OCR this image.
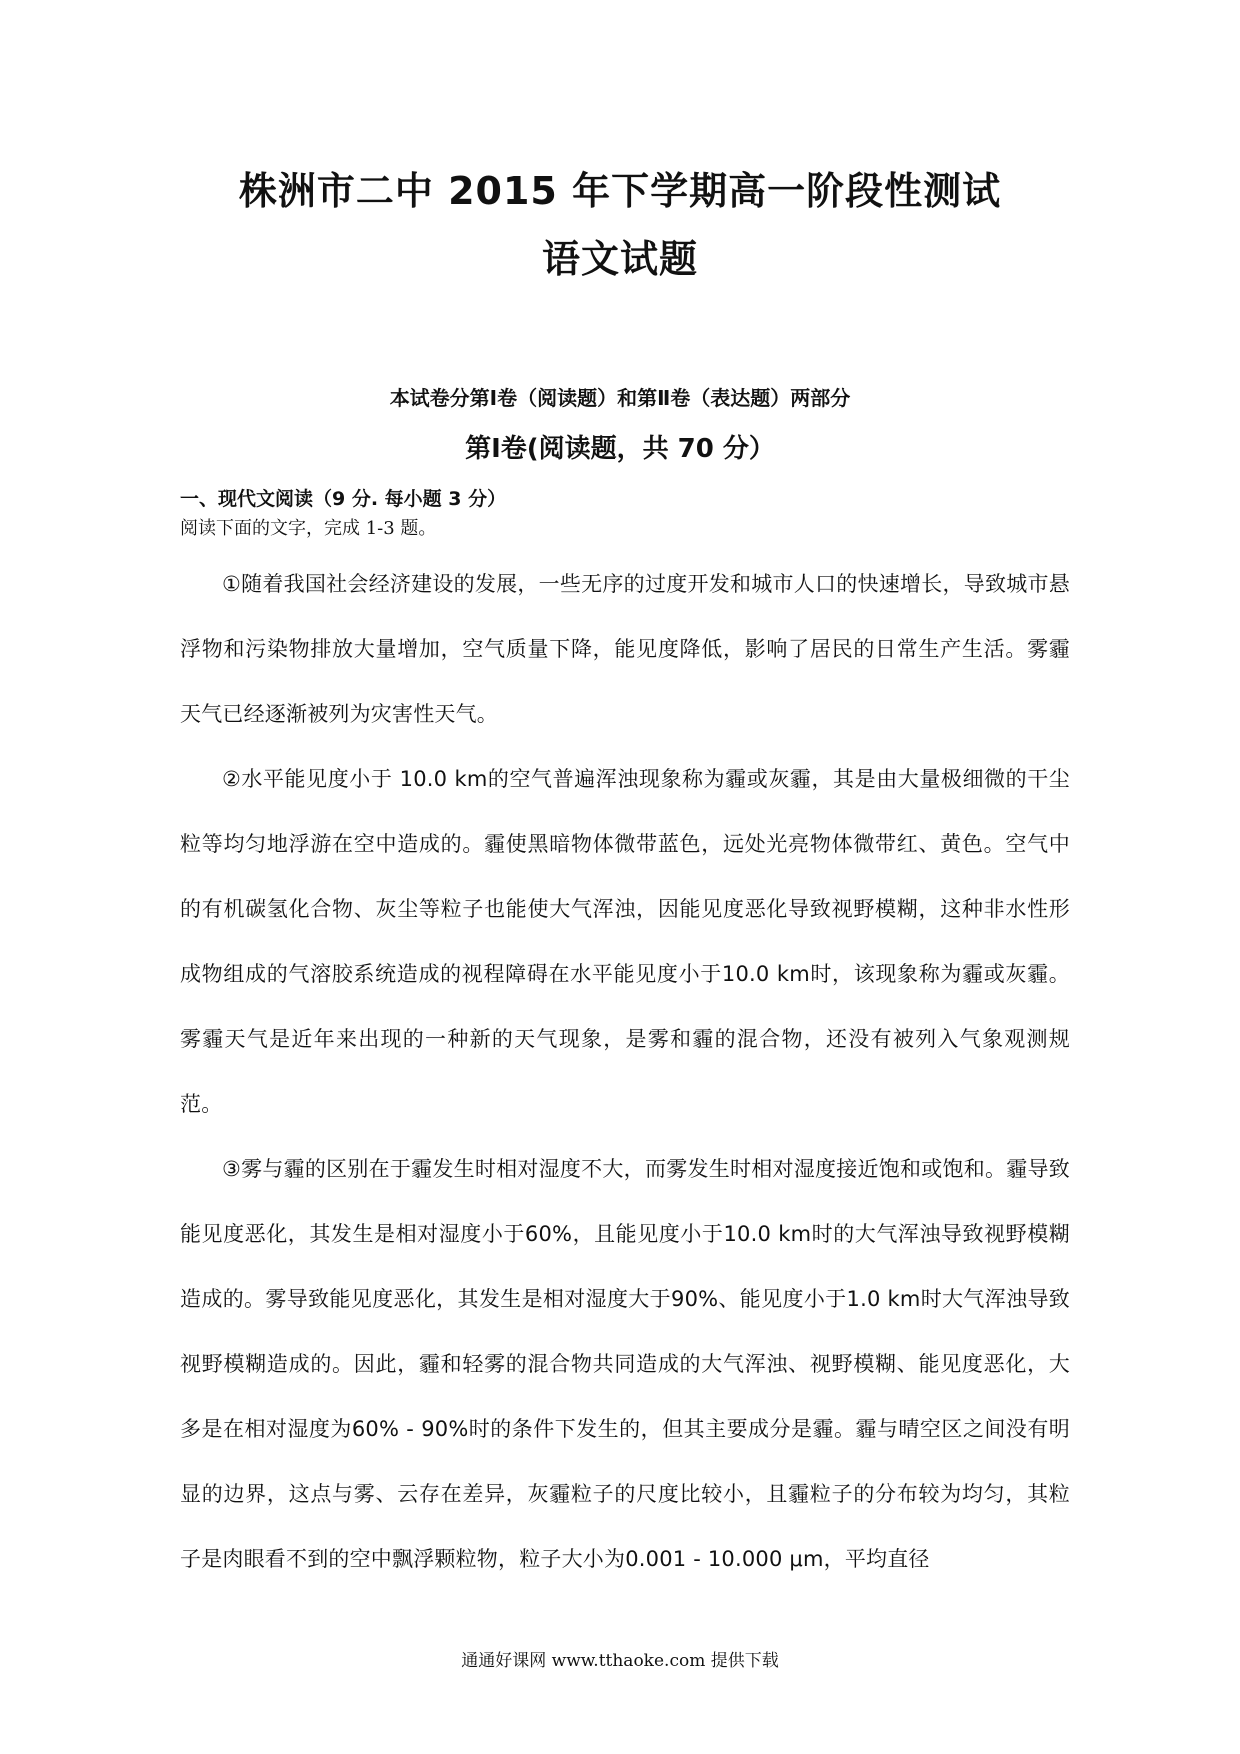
株洲市二中 2015 年下学期高一阶段性测试
语文试题
本试卷分第Ⅰ卷（阅读题）和第Ⅱ卷（表达题）两部分
第Ⅰ卷(阅读题，共 70 分）
一、现代文阅读（9 分. 每小题 3 分）
阅读下面的文字，完成 1-3 题。

①随着我国社会经济建设的发展，一些无序的过度开发和城市人口的快速增长，导致城市悬浮物和污染物排放大量增加，空气质量下降，能见度降低，影响了居民的日常生产生活。雾霾天气已经逐渐被列为灾害性天气。

②水平能见度小于 10.0 km的空气普遍浑浊现象称为霾或灰霾，其是由大量极细微的干尘粒等均匀地浮游在空中造成的。霾使黑暗物体微带蓝色，远处光亮物体微带红、黄色。空气中的有机碳氢化合物、灰尘等粒子也能使大气浑浊，因能见度恶化导致视野模糊，这种非水性形成物组成的气溶胶系统造成的视程障碍在水平能见度小于10.0 km时，该现象称为霾或灰霾。雾霾天气是近年来出现的一种新的天气现象，是雾和霾的混合物，还没有被列入气象观测规范。

③雾与霾的区别在于霾发生时相对湿度不大，而雾发生时相对湿度接近饱和或饱和。霾导致能见度恶化，其发生是相对湿度小于60%，且能见度小于10.0 km时的大气浑浊导致视野模糊造成的。雾导致能见度恶化，其发生是相对湿度大于90%、能见度小于1.0 km时大气浑浊导致视野模糊造成的。因此，霾和轻雾的混合物共同造成的大气浑浊、视野模糊、能见度恶化，大多是在相对湿度为60% - 90%时的条件下发生的，但其主要成分是霾。霾与晴空区之间没有明显的边界，这点与雾、云存在差异，灰霾粒子的尺度比较小，且霾粒子的分布较为均匀，其粒子是肉眼看不到的空中飘浮颗粒物，粒子大小为0.001 - 10.000 μm，平均直径

通通好课网 www.tthaoke.com 提供下载
